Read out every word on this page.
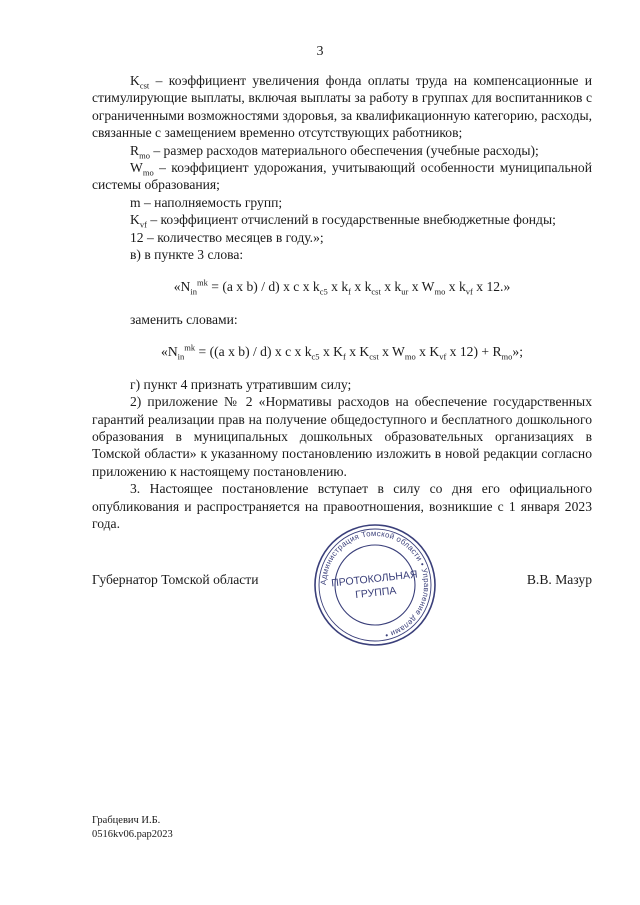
3

$K_{cst}$ – коэффициент увеличения фонда оплаты труда на компенсационные и стимулирующие выплаты, включая выплаты за работу в группах для воспитанников с ограниченными возможностями здоровья, за квалификационную категорию, расходы, связанные с замещением временно отсутствующих работников;

$R_{mo}$ – размер расходов материального обеспечения (учебные расходы);

$W_{mo}$ – коэффициент удорожания, учитывающий особенности муниципальной системы образования;

m – наполняемость групп;

$K_{vf}$ – коэффициент отчислений в государственные внебюджетные фонды;

12 – количество месяцев в году.»;

в) в пункте 3 слова:

«$N_{in}^{mk} = (a$ x b) / d) x c x $k_{c5}$ x $k_f$ x $k_{cst}$ x $k_{ur}$ x $W_{mo}$ x $k_{vf}$ x 12.»

заменить словами:

«$N_{in}^{mk} = ((a$ x b) / d) x c x $k_{c5}$ x $K_f$ x $K_{cst}$ x $W_{mo}$ x $K_{vf}$ x $12) + R_{mo}$»;

г) пункт 4 признать утратившим силу;

2) приложение № 2 «Нормативы расходов на обеспечение государственных гарантий реализации прав на получение общедоступного и бесплатного дошкольного образования в муниципальных дошкольных образовательных организациях в Томской области» к указанному постановлению изложить в новой редакции согласно приложению к настоящему постановлению.

3. Настоящее постановление вступает в силу со дня его официального опубликования и распространяется на правоотношения, возникшие с 1 января 2023 года.

Губернатор Томской области	В.В. Мазур
Администрация Томской области • Управление делами •
ПРОТОКОЛЬНАЯ
ГРУППА
Грабцевич И.Б.
0516kv06.pap2023
